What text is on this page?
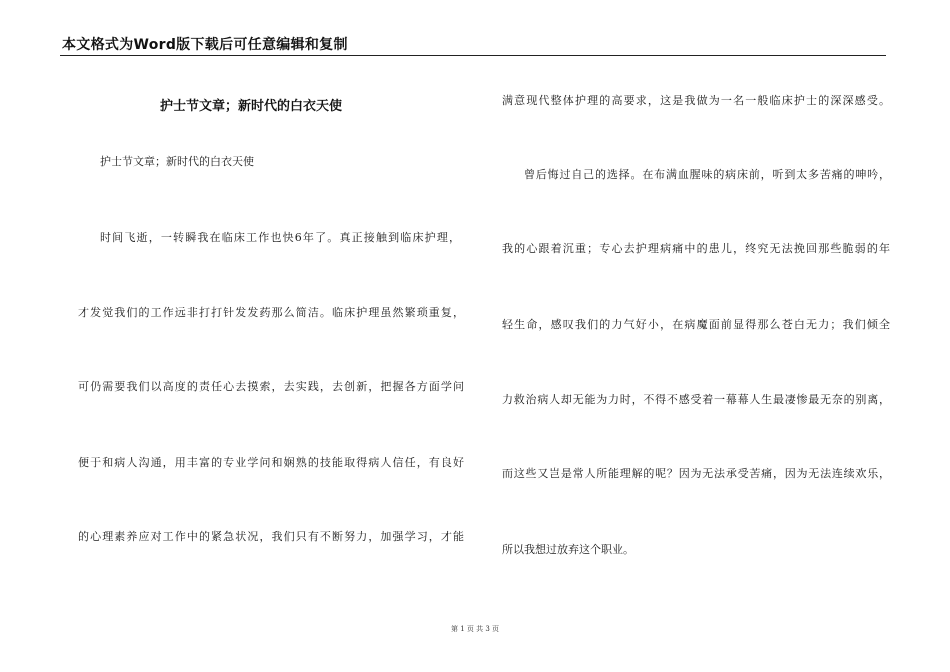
本文格式为Word版下载后可任意编辑和复制
护士节文章；新时代的白衣天使
护士节文章；新时代的白衣天使
时间飞逝，一转瞬我在临床工作也快6年了。真正接触到临床护理，
才发觉我们的工作远非打打针发发药那么简洁。临床护理虽然繁琐重复，
可仍需要我们以高度的责任心去摸索，去实践，去创新，把握各方面学问
便于和病人沟通，用丰富的专业学问和娴熟的技能取得病人信任，有良好
的心理素养应对工作中的紧急状况，我们只有不断努力，加强学习，才能
满意现代整体护理的高要求，这是我做为一名一般临床护士的深深感受。
曾后悔过自己的选择。在布满血腥味的病床前，听到太多苦痛的呻吟，
我的心跟着沉重；专心去护理病痛中的患儿，终究无法挽回那些脆弱的年
轻生命，感叹我们的力气好小，在病魔面前显得那么苍白无力；我们倾全
力救治病人却无能为力时，不得不感受着一幕幕人生最凄惨最无奈的别离，
而这些又岂是常人所能理解的呢？因为无法承受苦痛，因为无法连续欢乐，
所以我想过放弃这个职业。
第 1 页 共 3 页
